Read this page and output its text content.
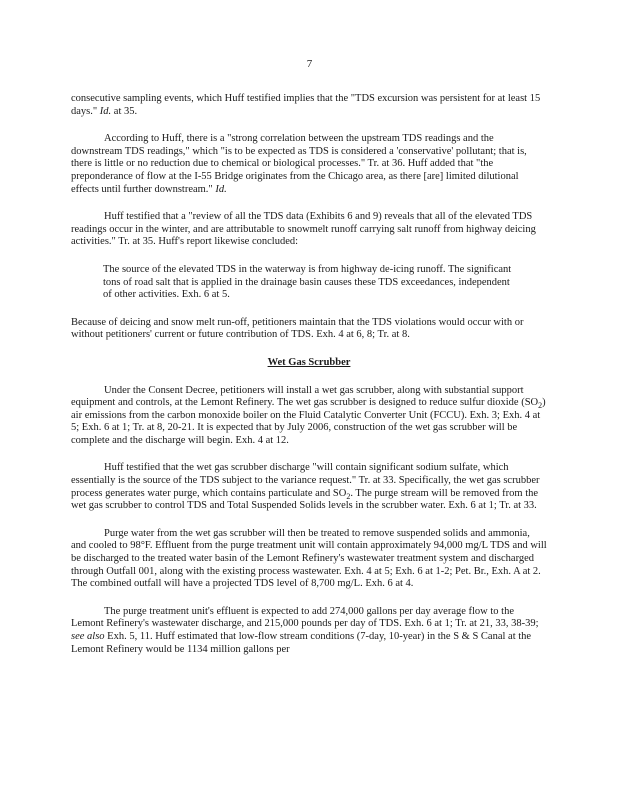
7

consecutive sampling events, which Huff testified implies that the "TDS excursion was persistent for at least 15 days." Id. at 35.

According to Huff, there is a "strong correlation between the upstream TDS readings and the downstream TDS readings," which "is to be expected as TDS is considered a 'conservative' pollutant; that is, there is little or no reduction due to chemical or biological processes." Tr. at 36. Huff added that "the preponderance of flow at the I-55 Bridge originates from the Chicago area, as there [are] limited dilutional effects until further downstream." Id.

Huff testified that a "review of all the TDS data (Exhibits 6 and 9) reveals that all of the elevated TDS readings occur in the winter, and are attributable to snowmelt runoff carrying salt runoff from highway deicing activities." Tr. at 35. Huff's report likewise concluded:

The source of the elevated TDS in the waterway is from highway de-icing runoff. The significant tons of road salt that is applied in the drainage basin causes these TDS exceedances, independent of other activities. Exh. 6 at 5.

Because of deicing and snow melt run-off, petitioners maintain that the TDS violations would occur with or without petitioners' current or future contribution of TDS. Exh. 4 at 6, 8; Tr. at 8.

Wet Gas Scrubber

Under the Consent Decree, petitioners will install a wet gas scrubber, along with substantial support equipment and controls, at the Lemont Refinery. The wet gas scrubber is designed to reduce sulfur dioxide $(SO_2)$ air emissions from the carbon monoxide boiler on the Fluid Catalytic Converter Unit (FCCU). Exh. 3; Exh. 4 at 5; Exh. 6 at 1; Tr. at 8, 20-21. It is expected that by July 2006, construction of the wet gas scrubber will be complete and the discharge will begin. Exh. 4 at 12.

Huff testified that the wet gas scrubber discharge "will contain significant sodium sulfate, which essentially is the source of the TDS subject to the variance request." Tr. at 33. Specifically, the wet gas scrubber process generates water purge, which contains particulate and $SO_2$. The purge stream will be removed from the wet gas scrubber to control TDS and Total Suspended Solids levels in the scrubber water. Exh. 6 at 1; Tr. at 33.

Purge water from the wet gas scrubber will then be treated to remove suspended solids and ammonia, and cooled to 98°F. Effluent from the purge treatment unit will contain approximately 94,000 mg/L TDS and will be discharged to the treated water basin of the Lemont Refinery's wastewater treatment system and discharged through Outfall 001, along with the existing process wastewater. Exh. 4 at 5; Exh. 6 at 1-2; Pet. Br., Exh. A at 2. The combined outfall will have a projected TDS level of 8,700 mg/L. Exh. 6 at 4.

The purge treatment unit's effluent is expected to add 274,000 gallons per day average flow to the Lemont Refinery's wastewater discharge, and 215,000 pounds per day of TDS. Exh. 6 at 1; Tr. at 21, 33, 38-39; see also Exh. 5, 11. Huff estimated that low-flow stream conditions (7-day, 10-year) in the S & S Canal at the Lemont Refinery would be 1134 million gallons per
